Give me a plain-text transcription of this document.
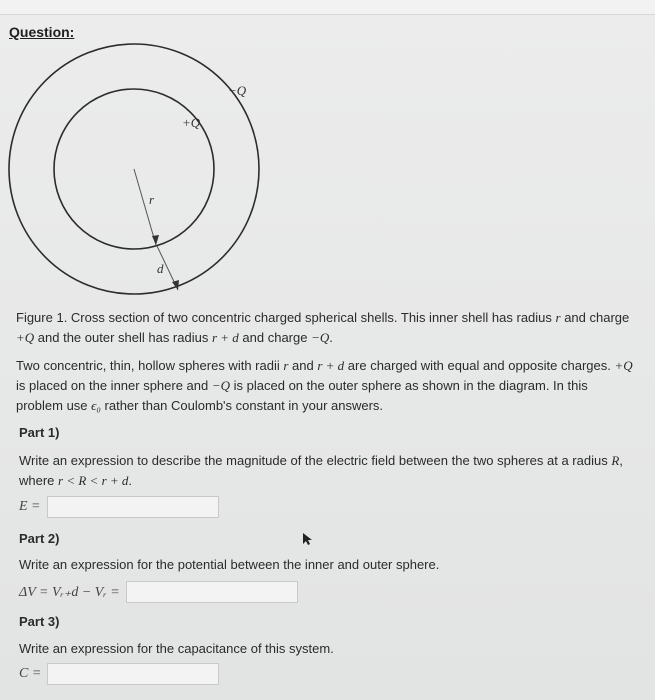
Question:
−Q
+Q
r
d
Figure 1. Cross section of two concentric charged spherical shells. This inner shell has radius r and charge +Q and the outer shell has radius r + d and charge −Q.
Two concentric, thin, hollow spheres with radii r and r + d are charged with equal and opposite charges. +Q is placed on the inner sphere and −Q is placed on the outer sphere as shown in the diagram. In this problem use ϵ₀ rather than Coulomb's constant in your answers.
Part 1)
Write an expression to describe the magnitude of the electric field between the two spheres at a radius R, where r < R < r + d.
E =
Part 2)
Write an expression for the potential between the inner and outer sphere.
ΔV = Vᵣ₊d − Vᵣ =
Part 3)
Write an expression for the capacitance of this system.
C =
